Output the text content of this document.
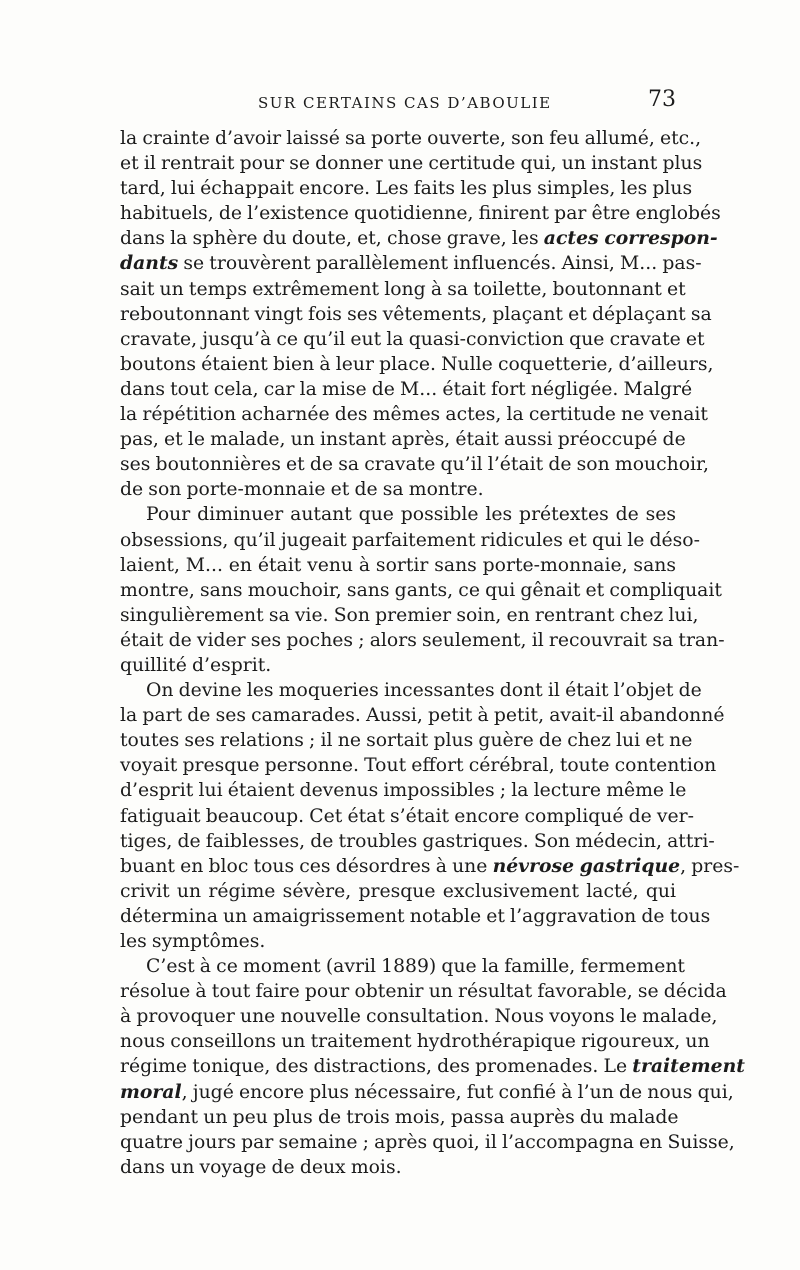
SUR CERTAINS CAS D’ABOULIE	73
la crainte d’avoir laissé sa porte ouverte, son feu allumé, etc.,
et il rentrait pour se donner une certitude qui, un instant plus
tard, lui échappait encore. Les faits les plus simples, les plus
habituels, de l’existence quotidienne, finirent par être englobés
dans la sphère du doute, et, chose grave, les actes correspon-
dants se trouvèrent parallèlement influencés. Ainsi, M... pas-
sait un temps extrêmement long à sa toilette, boutonnant et
reboutonnant vingt fois ses vêtements, plaçant et déplaçant sa
cravate, jusqu’à ce qu’il eut la quasi-conviction que cravate et
boutons étaient bien à leur place. Nulle coquetterie, d’ailleurs,
dans tout cela, car la mise de M... était fort négligée. Malgré
la répétition acharnée des mêmes actes, la certitude ne venait
pas, et le malade, un instant après, était aussi préoccupé de
ses boutonnières et de sa cravate qu’il l’était de son mouchoir,
de son porte-monnaie et de sa montre.
Pour diminuer autant que possible les prétextes de ses
obsessions, qu’il jugeait parfaitement ridicules et qui le déso-
laient, M... en était venu à sortir sans porte-monnaie, sans
montre, sans mouchoir, sans gants, ce qui gênait et compliquait
singulièrement sa vie. Son premier soin, en rentrant chez lui,
était de vider ses poches ; alors seulement, il recouvrait sa tran-
quillité d’esprit.
On devine les moqueries incessantes dont il était l’objet de
la part de ses camarades. Aussi, petit à petit, avait-il abandonné
toutes ses relations ; il ne sortait plus guère de chez lui et ne
voyait presque personne. Tout effort cérébral, toute contention
d’esprit lui étaient devenus impossibles ; la lecture même le
fatiguait beaucoup. Cet état s’était encore compliqué de ver-
tiges, de faiblesses, de troubles gastriques. Son médecin, attri-
buant en bloc tous ces désordres à une névrose gastrique, pres-
crivit un régime sévère, presque exclusivement lacté, qui
détermina un amaigrissement notable et l’aggravation de tous
les symptômes.
C’est à ce moment (avril 1889) que la famille, fermement
résolue à tout faire pour obtenir un résultat favorable, se décida
à provoquer une nouvelle consultation. Nous voyons le malade,
nous conseillons un traitement hydrothérapique rigoureux, un
régime tonique, des distractions, des promenades. Le traitement
moral, jugé encore plus nécessaire, fut confié à l’un de nous qui,
pendant un peu plus de trois mois, passa auprès du malade
quatre jours par semaine ; après quoi, il l’accompagna en Suisse,
dans un voyage de deux mois.
